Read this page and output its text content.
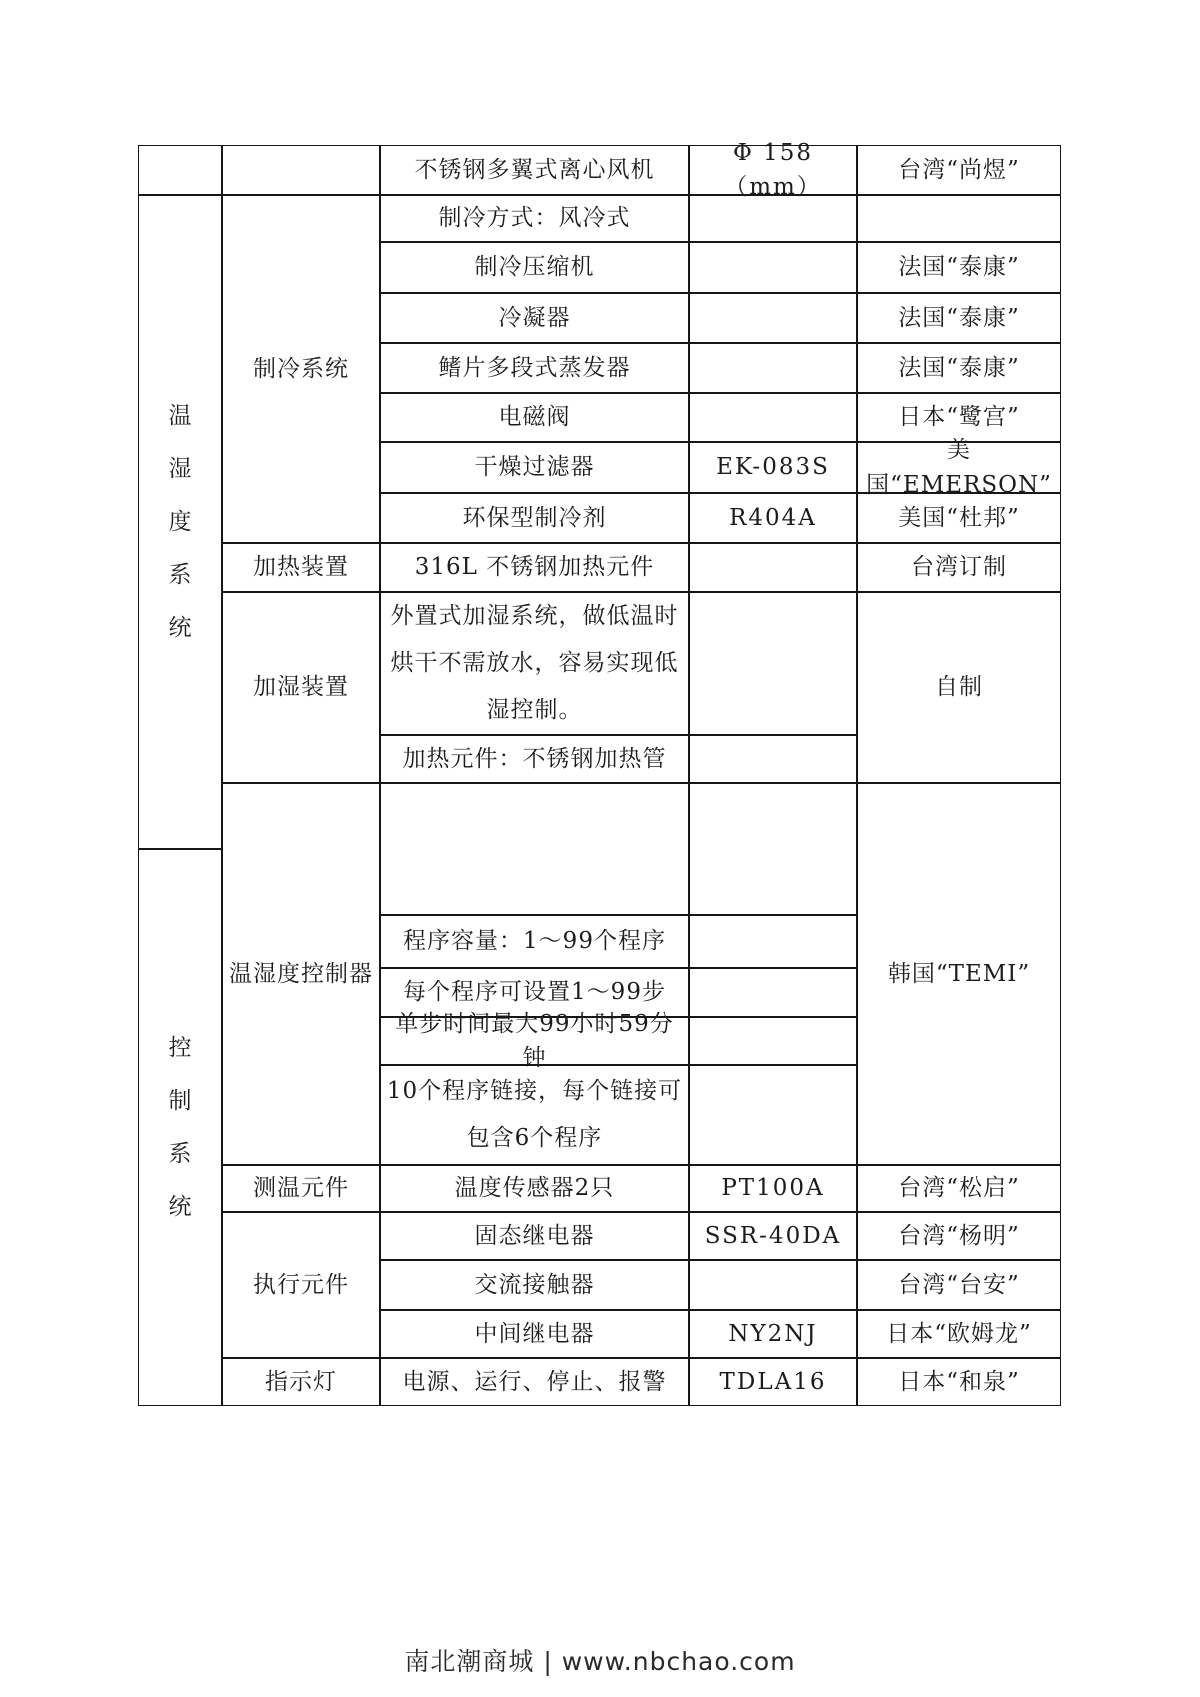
温湿度系统
控制系统
制冷系统
加热装置
加湿装置
温湿度控制器
测温元件
执行元件
指示灯
不锈钢多翼式离心风机
制冷方式：风冷式
制冷压缩机
冷凝器
鳍片多段式蒸发器
电磁阀
干燥过滤器
环保型制冷剂
316L 不锈钢加热元件
外置式加湿系统，做低温时烘干不需放水，容易实现低湿控制。
加热元件：不锈钢加热管
程序容量：1～99个程序
每个程序可设置1～99步
单步时间最大99小时59分钟
10个程序链接，每个链接可包含6个程序
温度传感器2只
固态继电器
交流接触器
中间继电器
电源、运行、停止、报警
Φ 158（mm）
EK-083S
R404A
PT100A
SSR-40DA
NY2NJ
TDLA16
台湾“尚煜”
法国“泰康”
法国“泰康”
法国“泰康”
日本“鹭宫”
美国“EMERSON”
美国“杜邦”
台湾订制
自制
韩国“TEMI”
台湾“松启”
台湾“杨明”
台湾“台安”
日本“欧姆龙”
日本“和泉”
南北潮商城 | www.nbchao.com
